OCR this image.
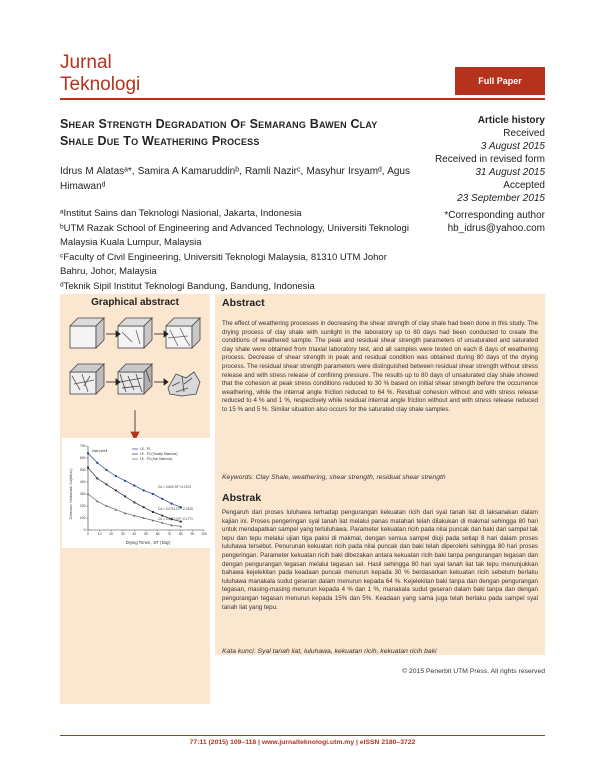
Jurnal
Teknologi	Full Paper
Shear Strength Degradation Of Semarang Bawen Clay Shale Due To Weathering Process
Idrus M Alatasᵃ*, Samira A Kamaruddinᵇ, Ramli Nazirᶜ, Masyhur Irsyamᵈ, Agus Himawanᵈ
ᵃInstitut Sains dan Teknologi Nasional, Jakarta, Indonesia
ᵇUTM Razak School of Engineering and Advanced Technology, Universiti Teknologi Malaysia Kuala Lumpur, Malaysia
ᶜFaculty of Civil Engineering, Universiti Teknologi Malaysia, 81310 UTM Johor Bahru, Johor, Malaysia
ᵈTeknik Sipil Institut Teknologi Bandung, Bandung, Indonesia
Article history
Received
3 August 2015
Received in revised form
31 August 2015
Accepted
23 September 2015
*Corresponding author
hb_idrus@yahoo.com
Graphical abstract
0	10 20 30 40 50 60 70 80 90 100
0
100
200
300
400
500
600
700
LE - P1
LE - P3 (Toraldy Stanmax)
LE - P3 (Soil Stanmax)
Intact shell
Cu = 0.600 DT^-0.1573
Cu = 0.0714 DT^-2.0125
Cu = 0.0012 DT^-0.1771
Cohesion, Undrained, Su(kN/m²)
Drying Times , DT (Day)
Abstract
The effect of weathering processes in decreasing the shear strength of clay shale had been done in this study. The drying process of clay shale with sunlight in the laboratory up to 80 days had been conducted to create the conditions of weathered sample. The peak and residual shear strength parameters of unsaturated and saturated clay shale were obtained from triaxial laboratory test, and all samples were tested on each 8 days of weathering process. Decrease of shear strength in peak and residual condition was obtained during 80 days of the drying process. The residual shear strength parameters were distinguished between residual shear strength without stress release and with stress release of confining pressure. The results up to 80 days of unsaturated clay shale showed that the cohesion at peak stress conditions reduced to 30 % based on initial shear strength before the occurrence weathering, while the internal angle friction reduced to 64 %. Residual cohesion without and with stress release reduced to 4 % and 1 %, respectively while residual internal angle friction without and with stress release reduced to 15 % and 5 %. Similar situation also occurs for the saturated clay shale samples.
Keywords: Clay Shale, weathering, shear strength, residual shear strength
Abstrak
Pengaruh dari proses luluhawa terhadap pengurangan kekuatan ricih dari syal tanah liat di laksanakan dalam kajian ini. Proses pengeringan syal tanah liat melalui panas matahari telah dilakukan di makmal sehingga 80 hari untuk mendapatkan sampel yang terluluhawa. Parameter kekuatan ricih pada nilai puncak dan baki dari sampel tak tepu dan tepu melalui ujian tiga paksi di makmal, dengan semua sampel diuji pada setiap 8 hari dalam proses luluhawa tersebut. Penurunan kekuatan ricih pada nilai puncak dan baki telah diperolehi sehingga 80 hari proses pengeringan. Parameter kekuatan ricih baki dibezakan antara kekuatan ricih baki tanpa pengurangan tegasan dan dengan pengurangan tegasan melalui tegasan sel. Hasil sehingga 80 hari syal tanah liat tak tepu menunjukkan bahawa kejelekitan pada keadaan puncak menurun kepada 30 % berdasarkan kekuatan ricih sebelum berlaku luluhawa manakala sudut geseran dalam menurun kepada 64 %. Kejelekitan baki tanpa dan dengan pengurangan tegasan, masing-masing menurun kepada 4 % dan 1 %, manakala sudut geseran dalam baki tanpa dan dengan pengurangan tegasan menurun kepada 15% dan 5%. Keadaan yang sama juga telah berlaku pada sampel syal tanah liat yang tepu.
Kata kunci: Syal tanah liat, luluhawa, kekuatan ricih, kekuatan ricih baki
© 2015 Penerbit UTM Press. All rights reserved
77:11 (2015) 109–118 | www.jurnalteknologi.utm.my | eISSN 2180–3722
